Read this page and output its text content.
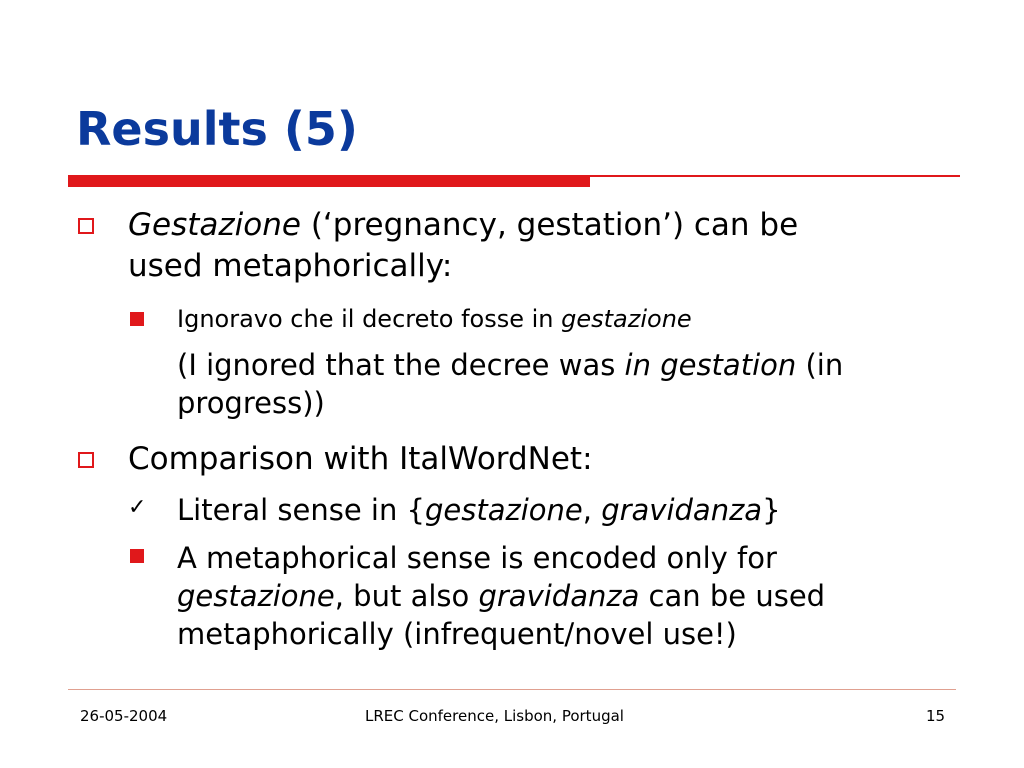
Results (5)
Gestazione (‘pregnancy, gestation’) can be
used metaphorically:
Ignoravo che il decreto fosse in gestazione
(I ignored that the decree was in gestation (in
progress))
Comparison with ItalWordNet:
✓ Literal sense in {gestazione, gravidanza}
A metaphorical sense is encoded only for
gestazione, but also gravidanza can be used
metaphorically (infrequent/novel use!)
26-05-2004	LREC Conference, Lisbon, Portugal	15
